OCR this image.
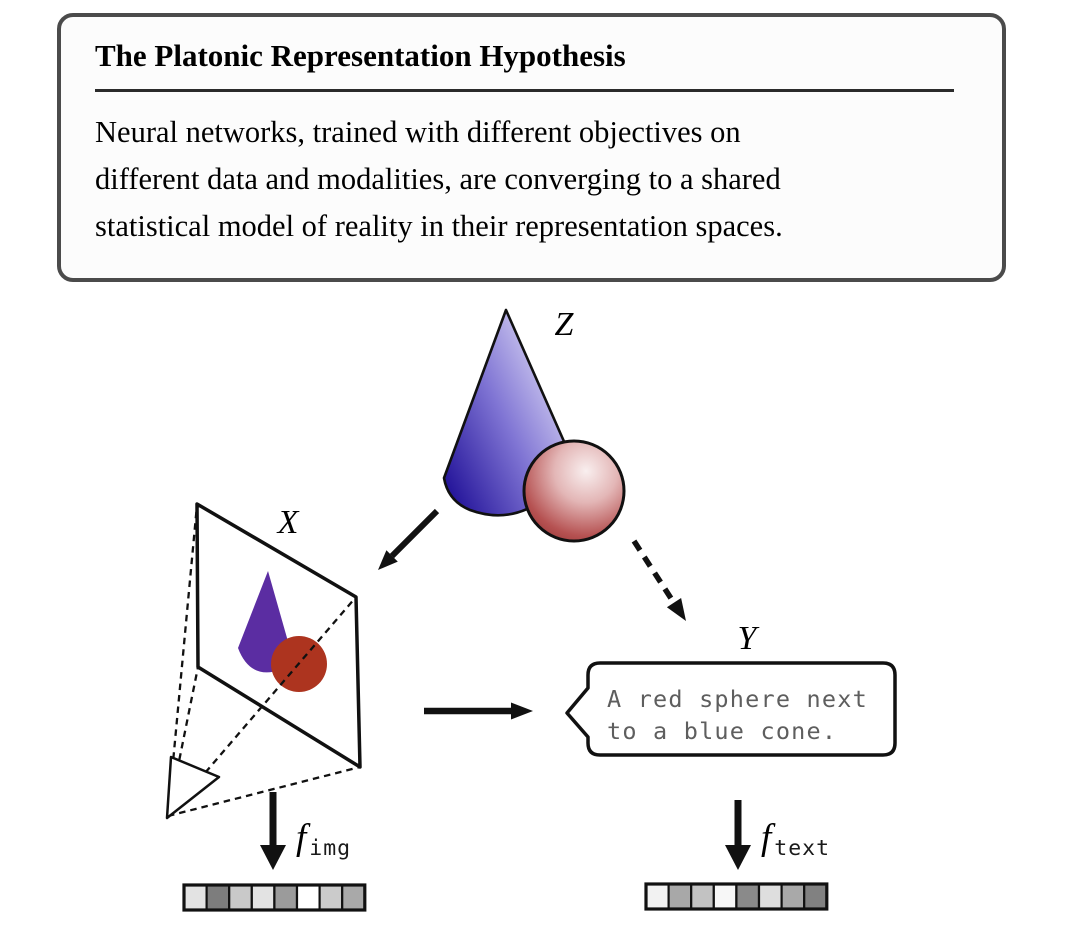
Z
X
Y
A red sphere next
to a blue cone.
fimg	ftext
The Platonic Representation Hypothesis
Neural networks, trained with different objectives on
different data and modalities, are converging to a shared
statistical model of reality in their representation spaces.
